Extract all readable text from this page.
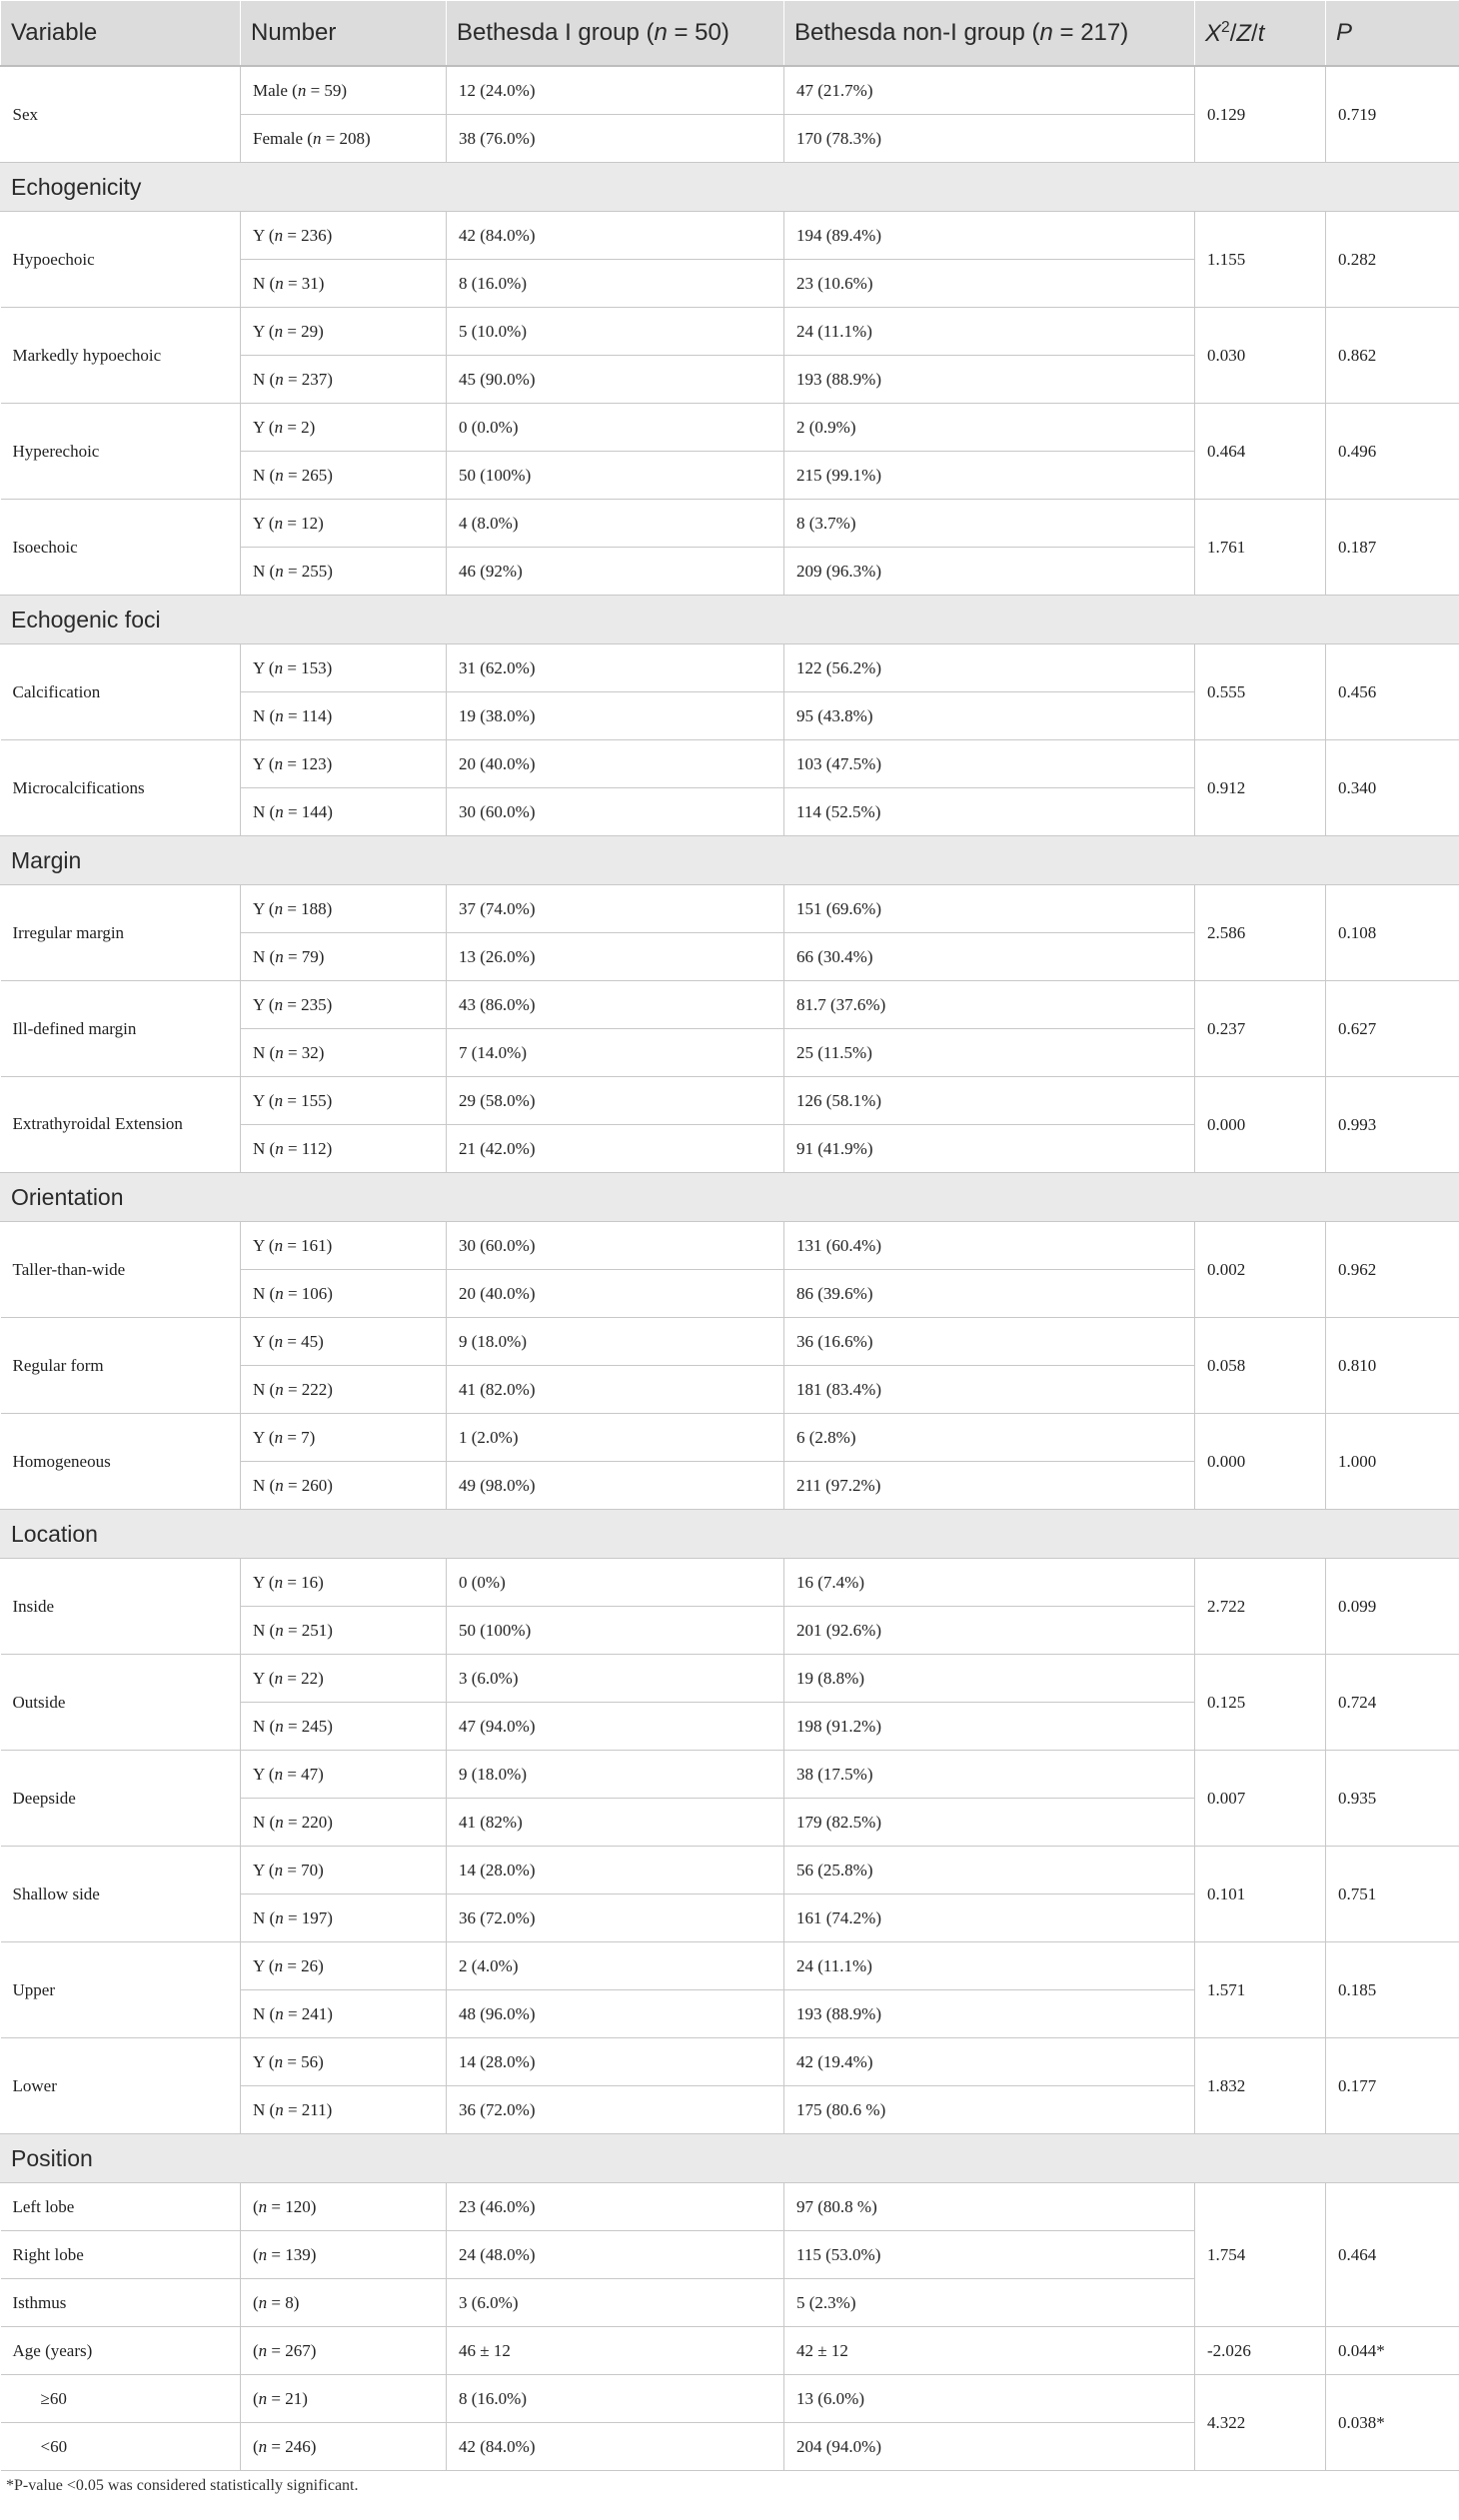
Variable	Number	Bethesda I group (n = 50)	Bethesda non-I group (n = 217)	$X^2/Z/t$	P
Sex	Male (n = 59)	12 (24.0%)	47 (21.7%)	0.129	0.719
	Female (n = 208)	38 (76.0%)	170 (78.3%)		
Echogenicity					
Hypoechoic	Y (n = 236)	42 (84.0%)	194 (89.4%)	1.155	0.282
	N (n = 31)	8 (16.0%)	23 (10.6%)		
Markedly hypoechoic	Y (n = 29)	5 (10.0%)	24 (11.1%)	0.030	0.862
	N (n = 237)	45 (90.0%)	193 (88.9%)		
Hyperechoic	Y (n = 2)	0 (0.0%)	2 (0.9%)	0.464	0.496
	N (n = 265)	50 (100%)	215 (99.1%)		
Isoechoic	Y (n = 12)	4 (8.0%)	8 (3.7%)	1.761	0.187
	N (n = 255)	46 (92%)	209 (96.3%)		
Echogenic foci					
Calcification	Y (n = 153)	31 (62.0%)	122 (56.2%)	0.555	0.456
	N (n = 114)	19 (38.0%)	95 (43.8%)		
Microcalcifications	Y (n = 123)	20 (40.0%)	103 (47.5%)	0.912	0.340
	N (n = 144)	30 (60.0%)	114 (52.5%)		
Margin					
Irregular margin	Y (n = 188)	37 (74.0%)	151 (69.6%)	2.586	0.108
	N (n = 79)	13 (26.0%)	66 (30.4%)		
Ill-defined margin	Y (n = 235)	43 (86.0%)	81.7 (37.6%)	0.237	0.627
	N (n = 32)	7 (14.0%)	25 (11.5%)		
Extrathyroidal Extension	Y (n = 155)	29 (58.0%)	126 (58.1%)	0.000	0.993
	N (n = 112)	21 (42.0%)	91 (41.9%)		
Orientation					
Taller-than-wide	Y (n = 161)	30 (60.0%)	131 (60.4%)	0.002	0.962
	N (n = 106)	20 (40.0%)	86 (39.6%)		
Regular form	Y (n = 45)	9 (18.0%)	36 (16.6%)	0.058	0.810
	N (n = 222)	41 (82.0%)	181 (83.4%)		
Homogeneous	Y (n = 7)	1 (2.0%)	6 (2.8%)	0.000	1.000
	N (n = 260)	49 (98.0%)	211 (97.2%)		
Location					
Inside	Y (n = 16)	0 (0%)	16 (7.4%)	2.722	0.099
	N (n = 251)	50 (100%)	201 (92.6%)		
Outside	Y (n = 22)	3 (6.0%)	19 (8.8%)	0.125	0.724
	N (n = 245)	47 (94.0%)	198 (91.2%)		
Deepside	Y (n = 47)	9 (18.0%)	38 (17.5%)	0.007	0.935
	N (n = 220)	41 (82%)	179 (82.5%)		
Shallow side	Y (n = 70)	14 (28.0%)	56 (25.8%)	0.101	0.751
	N (n = 197)	36 (72.0%)	161 (74.2%)		
Upper	Y (n = 26)	2 (4.0%)	24 (11.1%)	1.571	0.185
	N (n = 241)	48 (96.0%)	193 (88.9%)		
Lower	Y (n = 56)	14 (28.0%)	42 (19.4%)	1.832	0.177
	N (n = 211)	36 (72.0%)	175 (80.6 %)		
Position					
Left lobe	(n = 120)	23 (46.0%)	97 (80.8 %)	1.754	0.464
Right lobe	(n = 139)	24 (48.0%)	115 (53.0%)		
Isthmus	(n = 8)	3 (6.0%)	5 (2.3%)		
Age (years)	(n = 267)	46 ± 12	42 ± 12	-2.026	0.044*
≥60	(n = 21)	8 (16.0%)	13 (6.0%)	4.322	0.038*
<60	(n = 246)	42 (84.0%)	204 (94.0%)		
*P-value <0.05 was considered statistically significant.
